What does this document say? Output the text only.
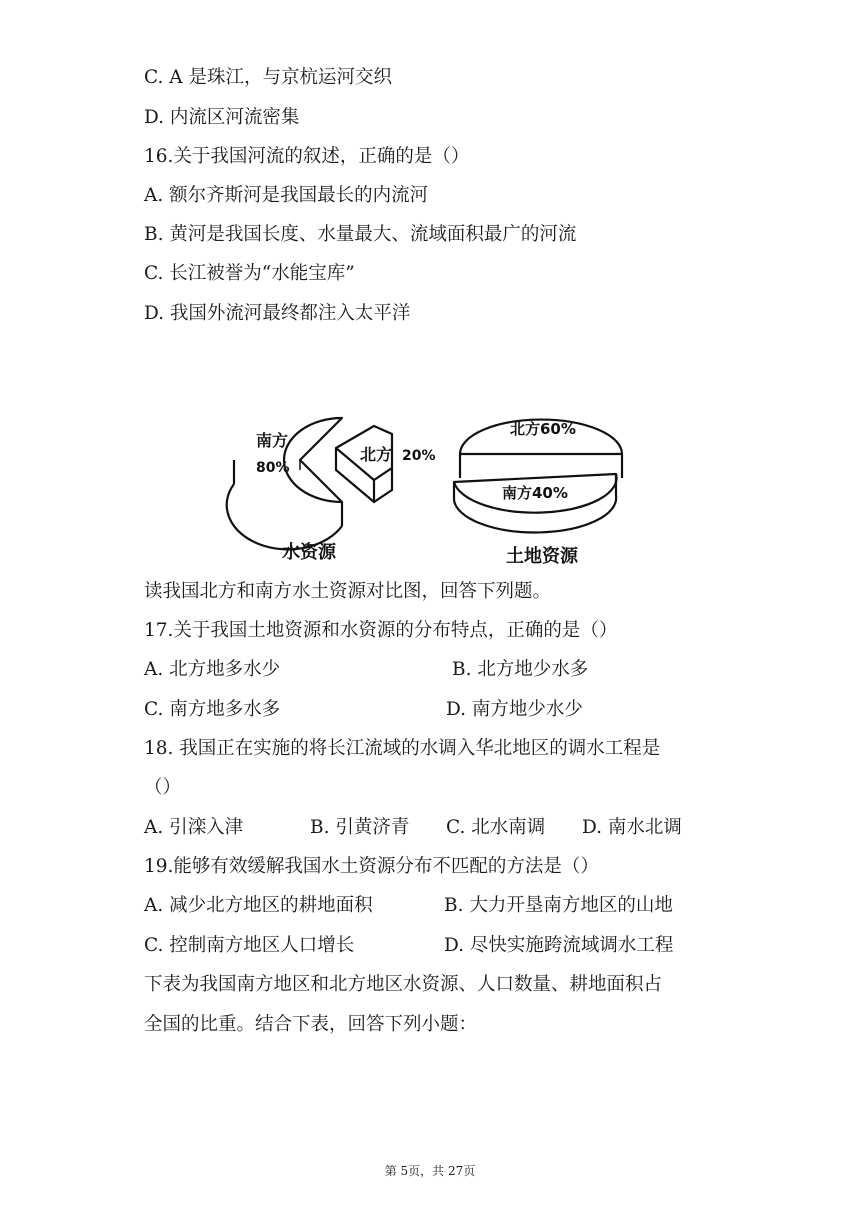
C. A 是珠江，与京杭运河交织

D. 内流区河流密集

16.关于我国河流的叙述，正确的是（）

A. 额尔齐斯河是我国最长的内流河

B. 黄河是我国长度、水量最大、流域面积最广的河流

C. 长江被誉为“水能宝库”

D. 我国外流河最终都注入太平洋

南方
80%
北方 20%
北方60%
南方40%
水资源	土地资源

读我国北方和南方水土资源对比图，回答下列题。

17.关于我国土地资源和水资源的分布特点，正确的是（）

A. 北方地多水少	B. 北方地少水多
C. 南方地多水多	D. 南方地少水少

18. 我国正在实施的将长江流域的水调入华北地区的调水工程是

（）

A. 引滦入津	B. 引黄济青 C. 北水南调 D. 南水北调

19.能够有效缓解我国水土资源分布不匹配的方法是（）

A. 减少北方地区的耕地面积	B. 大力开垦南方地区的山地
C. 控制南方地区人口增长	D. 尽快实施跨流域调水工程

下表为我国南方地区和北方地区水资源、人口数量、耕地面积占

全国的比重。结合下表，回答下列小题：

第 5页，共 27页
